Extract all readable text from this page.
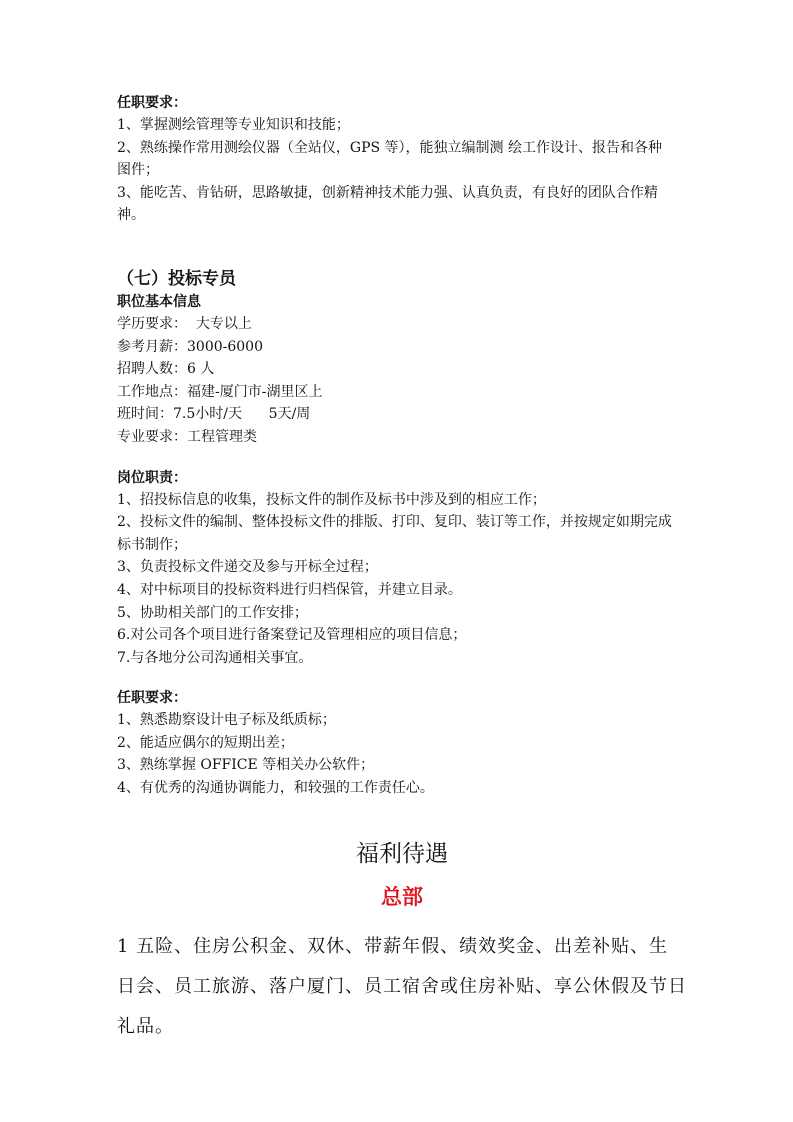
任职要求：

1、掌握测绘管理等专业知识和技能；

2、熟练操作常用测绘仪器（全站仪，GPS 等），能独立编制测 绘工作设计、报告和各种图件；

3、能吃苦、肯钻研，思路敏捷，创新精神技术能力强、认真负责，有良好的团队合作精神。

（七）投标专员

职位基本信息

学历要求：  大专以上

参考月薪：3000-6000

招聘人数：6 人

工作地点：福建-厦门市-湖里区上

班时间：7.5小时/天      5天/周

专业要求：工程管理类

岗位职责：

1、招投标信息的收集，投标文件的制作及标书中涉及到的相应工作；

2、投标文件的编制、整体投标文件的排版、打印、复印、装订等工作，并按规定如期完成标书制作；

3、负责投标文件递交及参与开标全过程；

4、对中标项目的投标资料进行归档保管，并建立目录。

5、协助相关部门的工作安排；

6.对公司各个项目进行备案登记及管理相应的项目信息；

7.与各地分公司沟通相关事宜。

任职要求：

1、熟悉勘察设计电子标及纸质标；

2、能适应偶尔的短期出差；

3、熟练掌握 OFFICE 等相关办公软件；

4、有优秀的沟通协调能力，和较强的工作责任心。

福利待遇

总部

1 五险、住房公积金、双休、带薪年假、绩效奖金、出差补贴、生日会、员工旅游、落户厦门、员工宿舍或住房补贴、享公休假及节日礼品。
